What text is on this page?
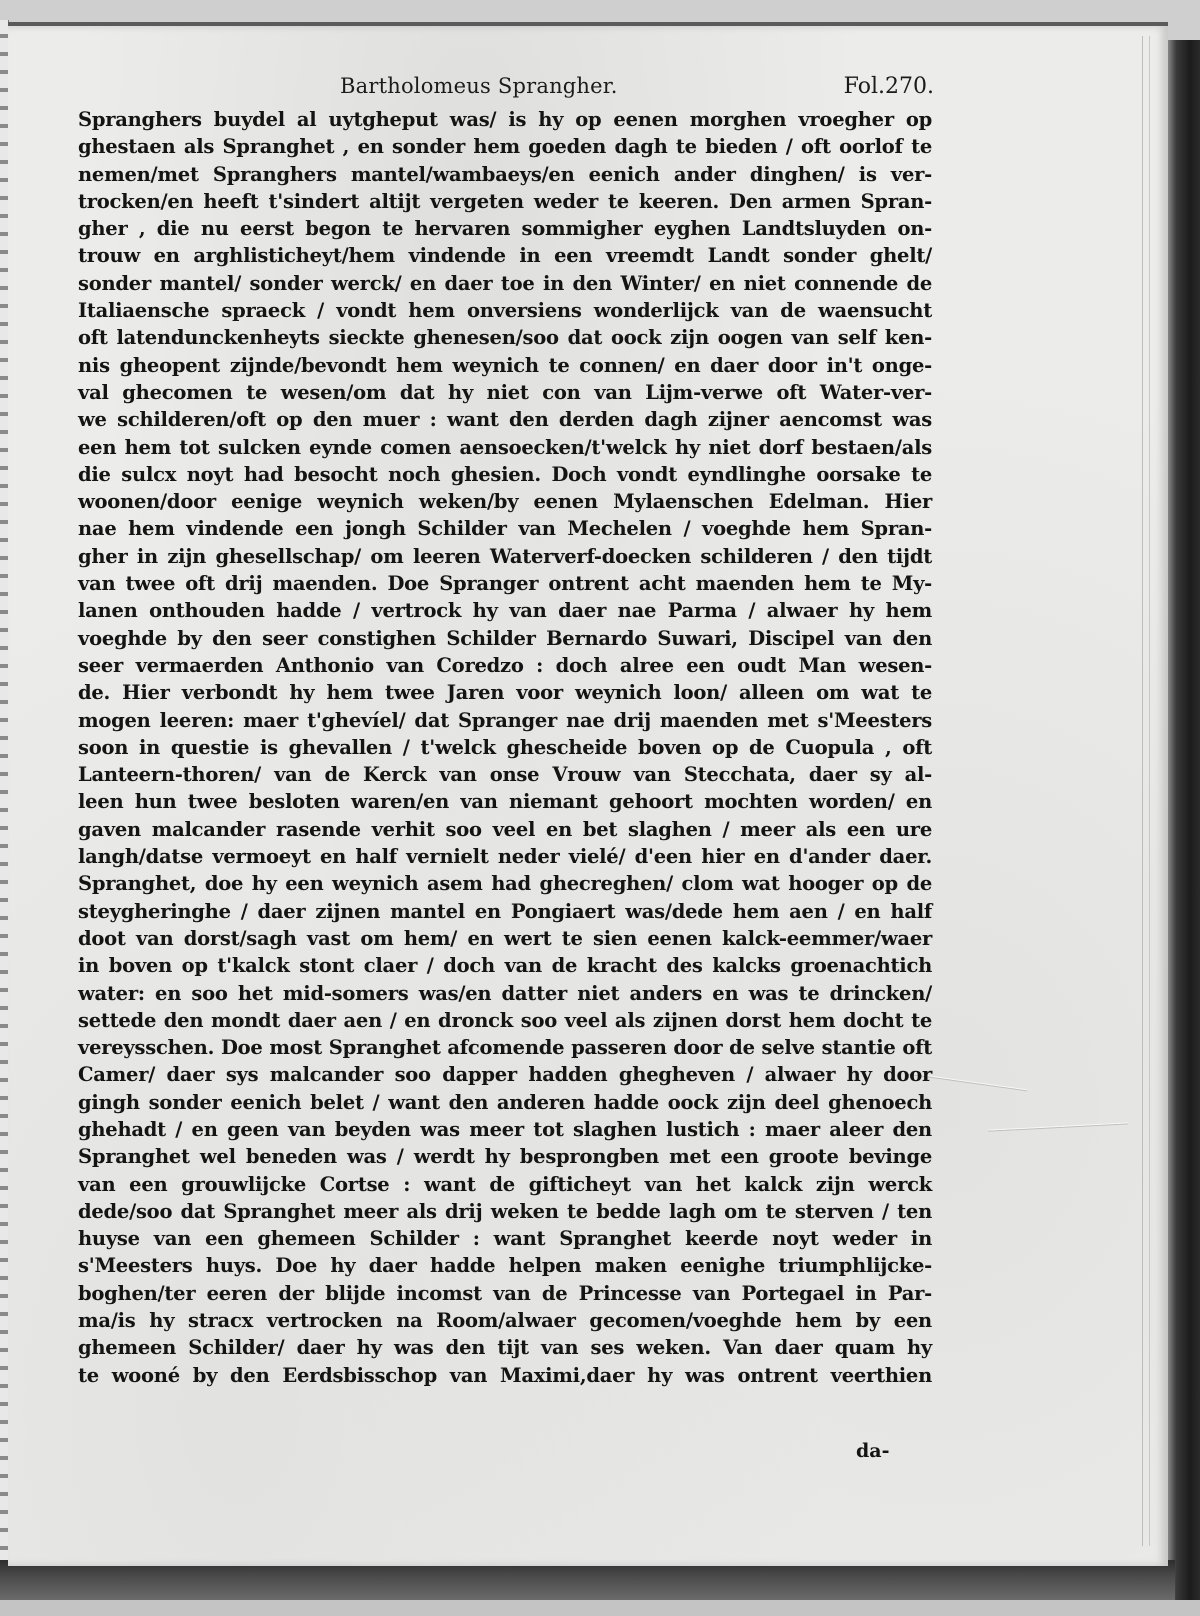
Bartholomeus Sprangher.	Fol.270.
Spranghers buydel al uytgheput was/ is hy op eenen morghen vroegher op
ghestaen als Spranghet , en sonder hem goeden dagh te bieden / oft oorlof te
nemen/met Spranghers mantel/wambaeys/en eenich ander dinghen/ is ver-
trocken/en heeft t'sindert altijt vergeten weder te keeren. Den armen Spran-
gher , die nu eerst begon te hervaren sommigher eyghen Landtsluyden on-
trouw en arghlisticheyt/hem vindende in een vreemdt Landt sonder ghelt/
sonder mantel/ sonder werck/ en daer toe in den Winter/ en niet connende de
Italiaensche spraeck / vondt hem onversiens wonderlijck van de waensucht
oft latendunckenheyts sieckte ghenesen/soo dat oock zijn oogen van self ken-
nis gheopent zijnde/bevondt hem weynich te connen/ en daer door in't onge-
val ghecomen te wesen/om dat hy niet con van Lijm-verwe oft Water-ver-
we schilderen/oft op den muer : want den derden dagh zijner aencomst was
een hem tot sulcken eynde comen aensoecken/t'welck hy niet dorf bestaen/als
die sulcx noyt had besocht noch ghesien. Doch vondt eyndlinghe oorsake te
woonen/door eenige weynich weken/by eenen Mylaenschen Edelman. Hier
nae hem vindende een jongh Schilder van Mechelen / voeghde hem Spran-
gher in zijn ghesellschap/ om leeren Waterverf-doecken schilderen / den tijdt
van twee oft drij maenden. Doe Spranger ontrent acht maenden hem te My-
lanen onthouden hadde / vertrock hy van daer nae Parma / alwaer hy hem
voeghde by den seer constighen Schilder Bernardo Suwari, Discipel van den
seer vermaerden Anthonio van Coredzo : doch alree een oudt Man wesen-
de. Hier verbondt hy hem twee Jaren voor weynich loon/ alleen om wat te
mogen leeren: maer t'ghevíel/ dat Spranger nae drij maenden met s'Meesters
soon in questie is ghevallen / t'welck ghescheide boven op de Cuopula , oft
Lanteern-thoren/ van de Kerck van onse Vrouw van Stecchata, daer sy al-
leen hun twee besloten waren/en van niemant gehoort mochten worden/ en
gaven malcander rasende verhit soo veel en bet slaghen / meer als een ure
langh/datse vermoeyt en half vernielt neder vielé/ d'een hier en d'ander daer.
Spranghet, doe hy een weynich asem had ghecreghen/ clom wat hooger op de
steygheringhe / daer zijnen mantel en Pongiaert was/dede hem aen / en half
doot van dorst/sagh vast om hem/ en wert te sien eenen kalck-eemmer/waer
in boven op t'kalck stont claer / doch van de kracht des kalcks groenachtich
water: en soo het mid-somers was/en datter niet anders en was te drincken/
settede den mondt daer aen / en dronck soo veel als zijnen dorst hem docht te
vereysschen. Doe most Spranghet afcomende passeren door de selve stantie oft
Camer/ daer sys malcander soo dapper hadden ghegheven / alwaer hy door
gingh sonder eenich belet / want den anderen hadde oock zijn deel ghenoech
ghehadt / en geen van beyden was meer tot slaghen lustich : maer aleer den
Spranghet wel beneden was / werdt hy besprongben met een groote bevinge
van een grouwlijcke Cortse : want de gifticheyt van het kalck zijn werck
dede/soo dat Spranghet meer als drij weken te bedde lagh om te sterven / ten
huyse van een ghemeen Schilder : want Spranghet keerde noyt weder in
s'Meesters huys. Doe hy daer hadde helpen maken eenighe triumphlijcke-
boghen/ter eeren der blijde incomst van de Princesse van Portegael in Par-
ma/is hy stracx vertrocken na Room/alwaer gecomen/voeghde hem by een
ghemeen Schilder/ daer hy was den tijt van ses weken. Van daer quam hy
te wooné by den Eerdsbisschop van Maximi,daer hy was ontrent veerthien
da-
